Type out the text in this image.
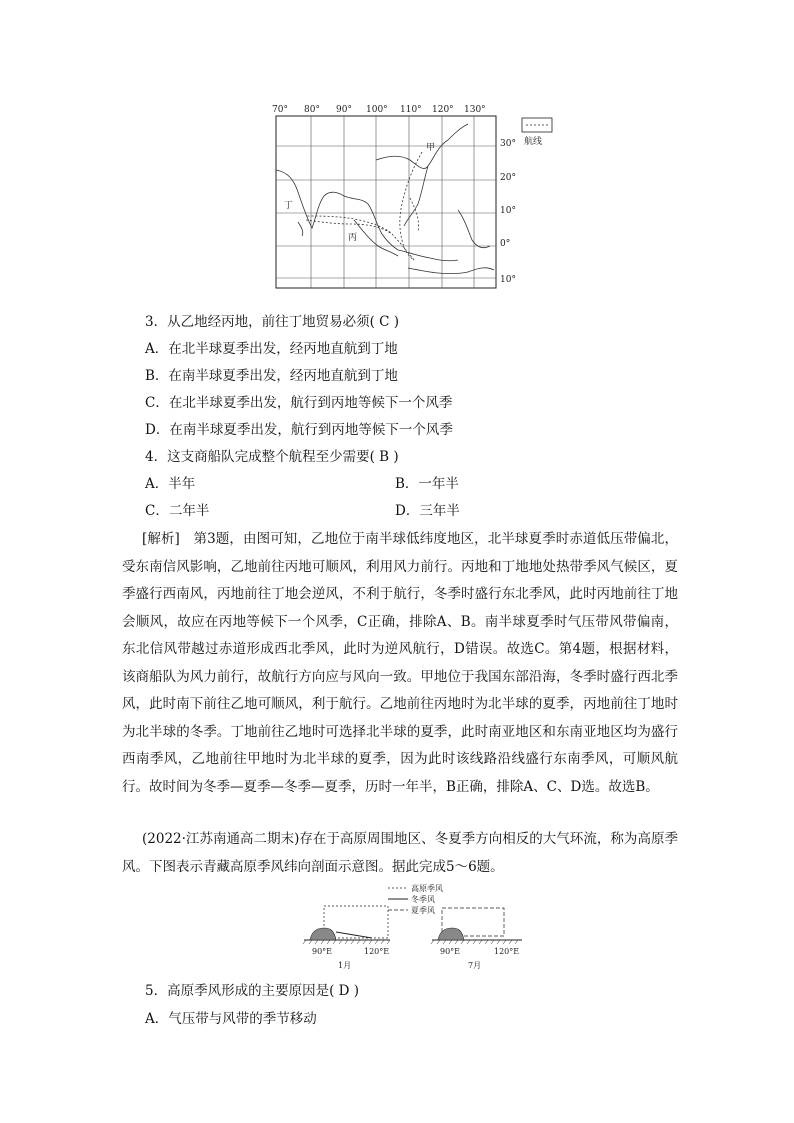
70° 80° 90° 100° 110° 120° 130°
甲
丁
丙
30°
20°
10°
0°
10°
航线
3．从乙地经丙地，前往丁地贸易必须( C )
A．在北半球夏季出发，经丙地直航到丁地
B．在南半球夏季出发，经丙地直航到丁地
C．在北半球夏季出发，航行到丙地等候下一个风季
D．在南半球夏季出发，航行到丙地等候下一个风季
4．这支商船队完成整个航程至少需要( B )
A．半年	B．一年半
C．二年半	D．三年半
[解析]　第3题，由图可知，乙地位于南半球低纬度地区，北半球夏季时赤道低压带偏北，受东南信风影响，乙地前往丙地可顺风，利用风力前行。丙地和丁地地处热带季风气候区，夏季盛行西南风，丙地前往丁地会逆风，不利于航行，冬季时盛行东北季风，此时丙地前往丁地会顺风，故应在丙地等候下一个风季，C正确，排除A、B。南半球夏季时气压带风带偏南，东北信风带越过赤道形成西北季风，此时为逆风航行，D错误。故选C。第4题，根据材料，该商船队为风力前行，故航行方向应与风向一致。甲地位于我国东部沿海，冬季时盛行西北季风，此时南下前往乙地可顺风，利于航行。乙地前往丙地时为北半球的夏季，丙地前往丁地时为北半球的冬季。丁地前往乙地时可选择北半球的夏季，此时南亚地区和东南亚地区均为盛行西南季风，乙地前往甲地时为北半球的夏季，因为此时该线路沿线盛行东南季风，可顺风航行。故时间为冬季—夏季—冬季—夏季，历时一年半，B正确，排除A、C、D选。故选B。
(2022·江苏南通高二期末)存在于高原周围地区、冬夏季方向相反的大气环流，称为高原季风。下图表示青藏高原季风纬向剖面示意图。据此完成5～6题。
高原季风
冬季风
夏季风
90°E	120°E
1月
90°E	120°E
7月
5．高原季风形成的主要原因是( D )
A．气压带与风带的季节移动
